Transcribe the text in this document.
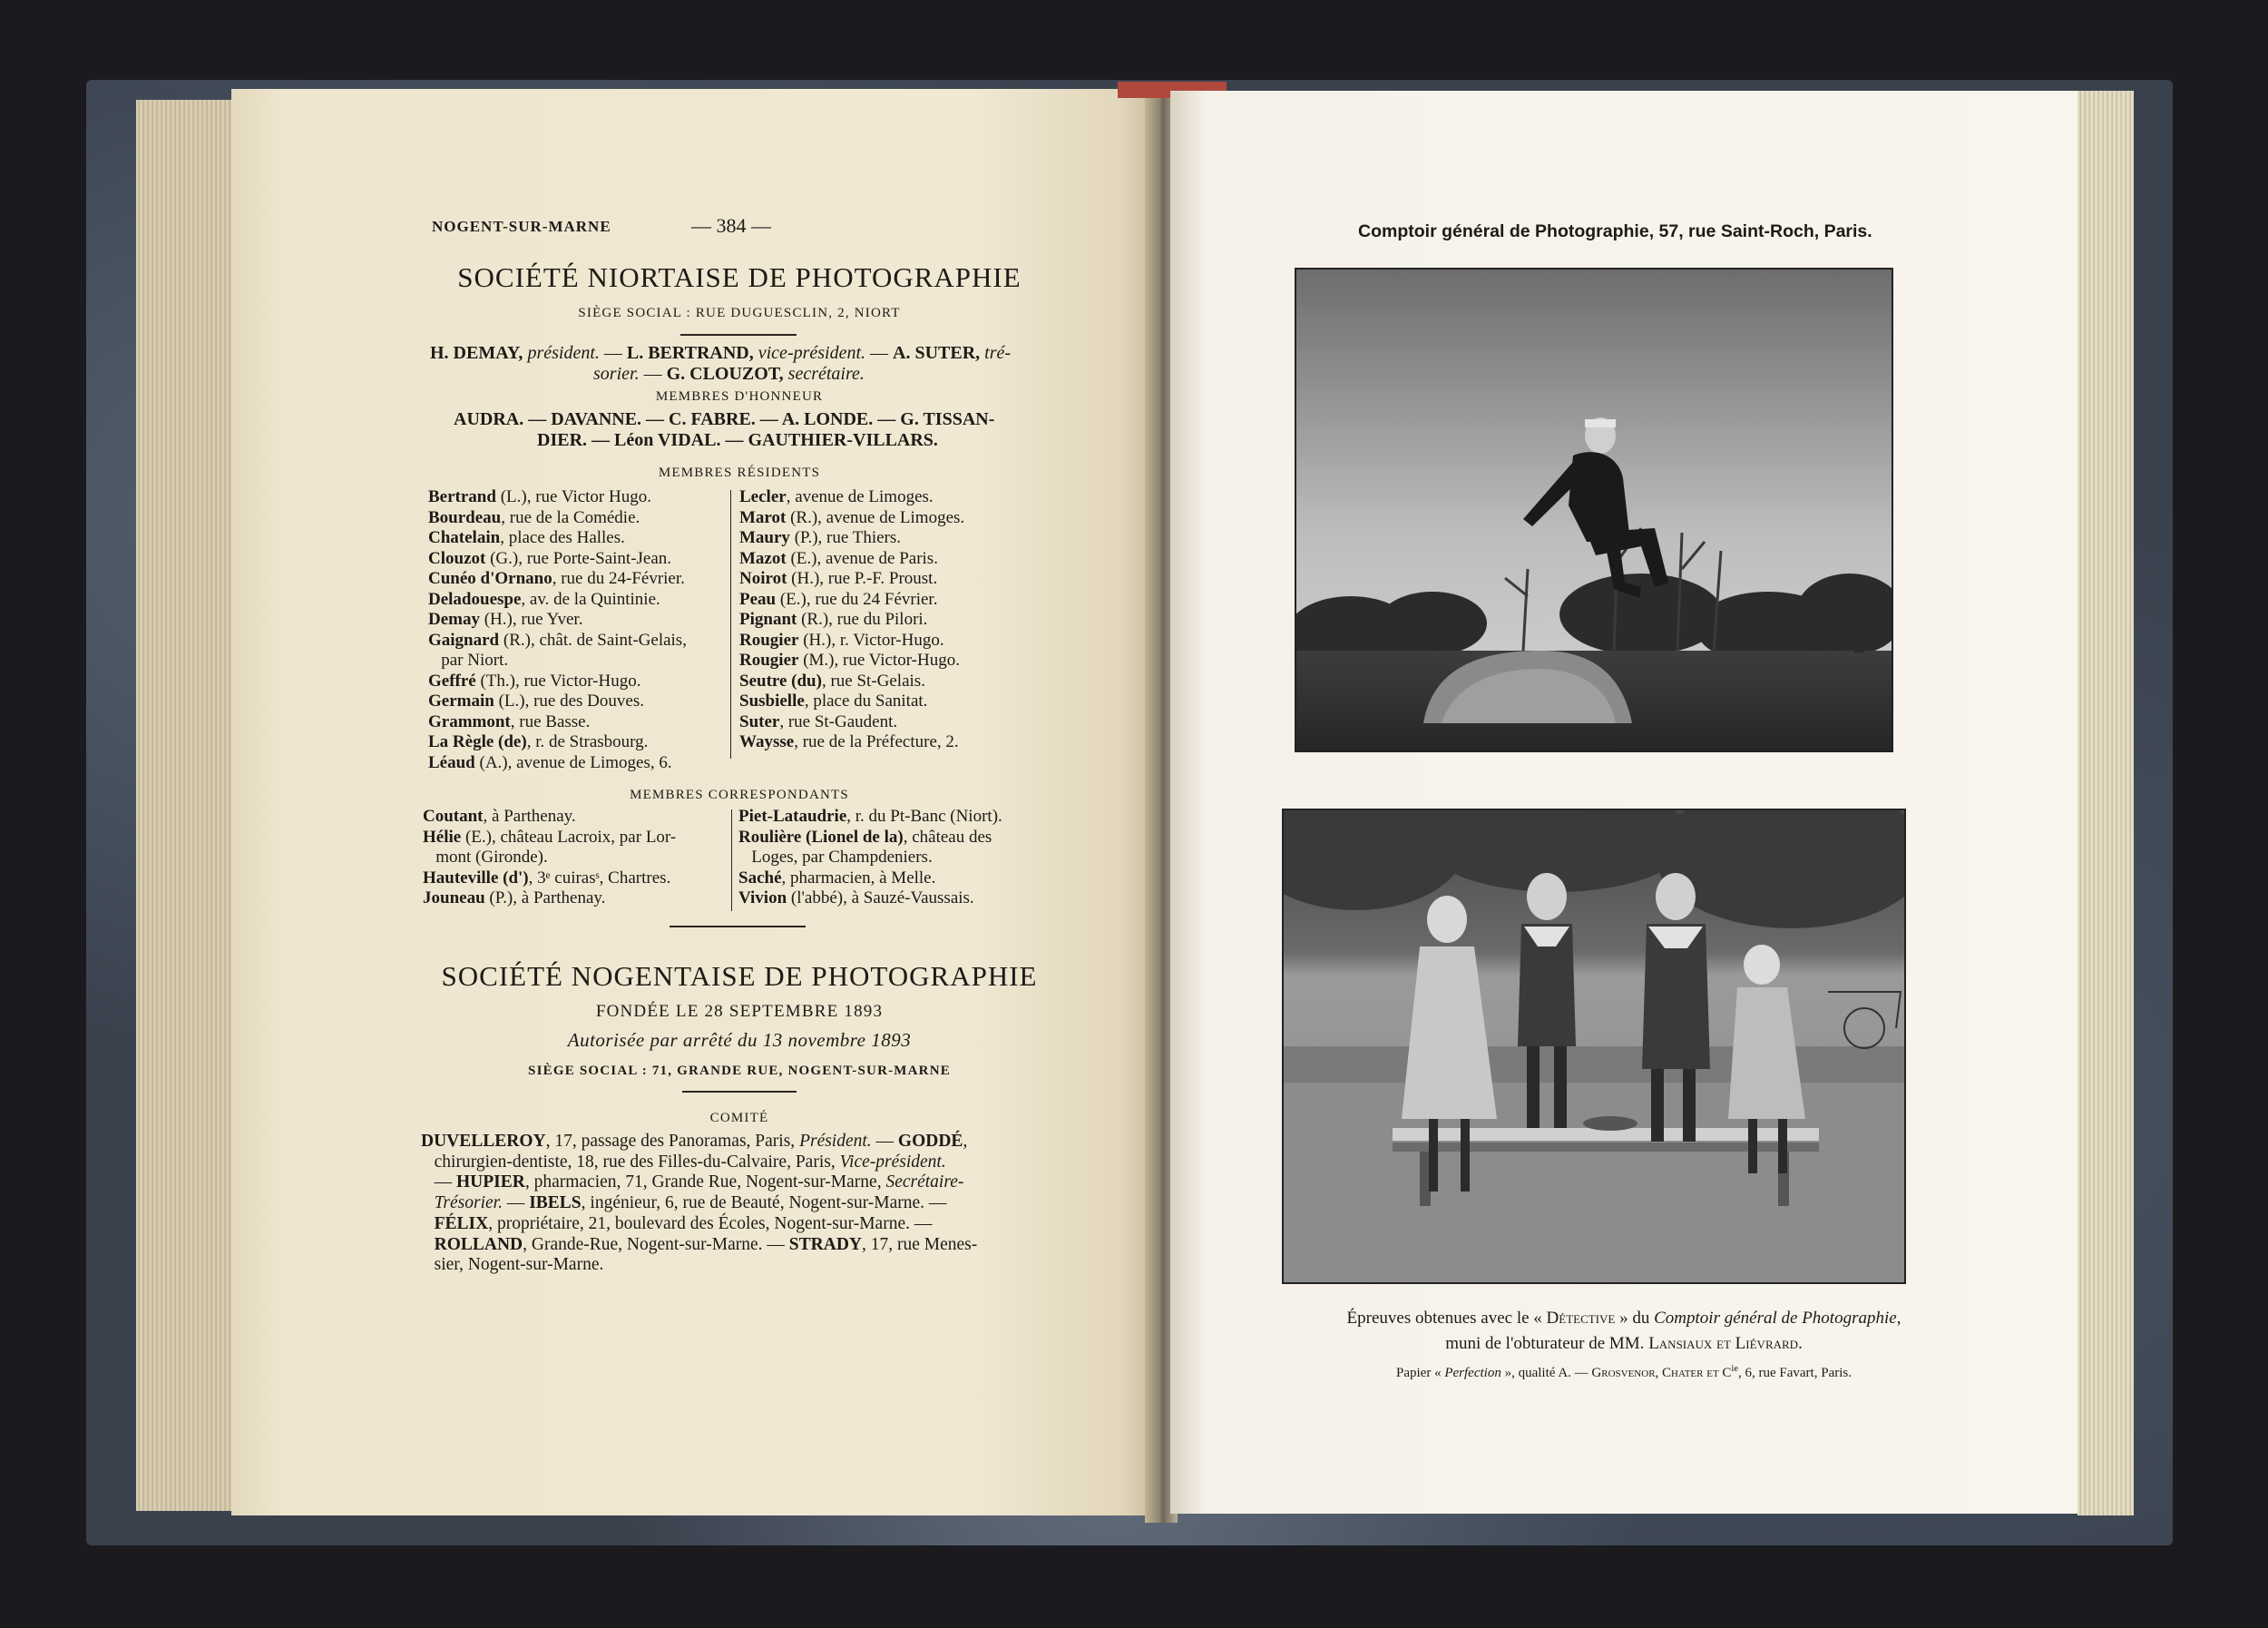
NOGENT-SUR-MARNE	— 384 —
SOCIÉTÉ NIORTAISE DE PHOTOGRAPHIE
SIÈGE SOCIAL : RUE DUGUESCLIN, 2, NIORT
H. DEMAY, président. — L. BERTRAND, vice-président. — A. SUTER, tré-
sorier. — G. CLOUZOT, secrétaire.
MEMBRES D'HONNEUR
AUDRA. — DAVANNE. — C. FABRE. — A. LONDE. — G. TISSAN-
DIER. — Léon VIDAL. — GAUTHIER-VILLARS.
MEMBRES RÉSIDENTS
Bertrand (L.), rue Victor Hugo.
Bourdeau, rue de la Comédie.
Chatelain, place des Halles.
Clouzot (G.), rue Porte-Saint-Jean.
Cunéo d'Ornano, rue du 24-Février.
Deladouespe, av. de la Quintinie.
Demay (H.), rue Yver.
Gaignard (R.), chât. de Saint-Gelais,
par Niort.
Geffré (Th.), rue Victor-Hugo.
Germain (L.), rue des Douves.
Grammont, rue Basse.
La Règle (de), r. de Strasbourg.
Léaud (A.), avenue de Limoges, 6.
Lecler, avenue de Limoges.
Marot (R.), avenue de Limoges.
Maury (P.), rue Thiers.
Mazot (E.), avenue de Paris.
Noirot (H.), rue P.-F. Proust.
Peau (E.), rue du 24 Février.
Pignant (R.), rue du Pilori.
Rougier (H.), r. Victor-Hugo.
Rougier (M.), rue Victor-Hugo.
Seutre (du), rue St-Gelais.
Susbielle, place du Sanitat.
Suter, rue St-Gaudent.
Waysse, rue de la Préfecture, 2.
MEMBRES CORRESPONDANTS
Coutant, à Parthenay.
Hélie (E.), château Lacroix, par Lor-
mont (Gironde).
Hauteville (d'), 3ᵉ cuirasˢ, Chartres.
Jouneau (P.), à Parthenay.
Piet-Lataudrie, r. du Pt-Banc (Niort).
Roulière (Lionel de la), château des
Loges, par Champdeniers.
Saché, pharmacien, à Melle.
Vivion (l'abbé), à Sauzé-Vaussais.
SOCIÉTÉ NOGENTAISE DE PHOTOGRAPHIE
FONDÉE LE 28 SEPTEMBRE 1893
Autorisée par arrêté du 13 novembre 1893
SIÈGE SOCIAL : 71, GRANDE RUE, NOGENT-SUR-MARNE
COMITÉ
DUVELLEROY, 17, passage des Panoramas, Paris, Président. — GODDÉ,
chirurgien-dentiste, 18, rue des Filles-du-Calvaire, Paris, Vice-président.
— HUPIER, pharmacien, 71, Grande Rue, Nogent-sur-Marne, Secrétaire-
Trésorier. — IBELS, ingénieur, 6, rue de Beauté, Nogent-sur-Marne. —
FÉLIX, propriétaire, 21, boulevard des Écoles, Nogent-sur-Marne. —
ROLLAND, Grande-Rue, Nogent-sur-Marne. — STRADY, 17, rue Menes-
sier, Nogent-sur-Marne.
Comptoir général de Photographie, 57, rue Saint-Roch, Paris.
Épreuves obtenues avec le « Détective » du Comptoir général de Photographie,
muni de l'obturateur de MM. Lansiaux et Liévrard.
Papier « Perfection », qualité A. — Grosvenor, Chater et $C^{ie}$, 6, rue Favart, Paris.
